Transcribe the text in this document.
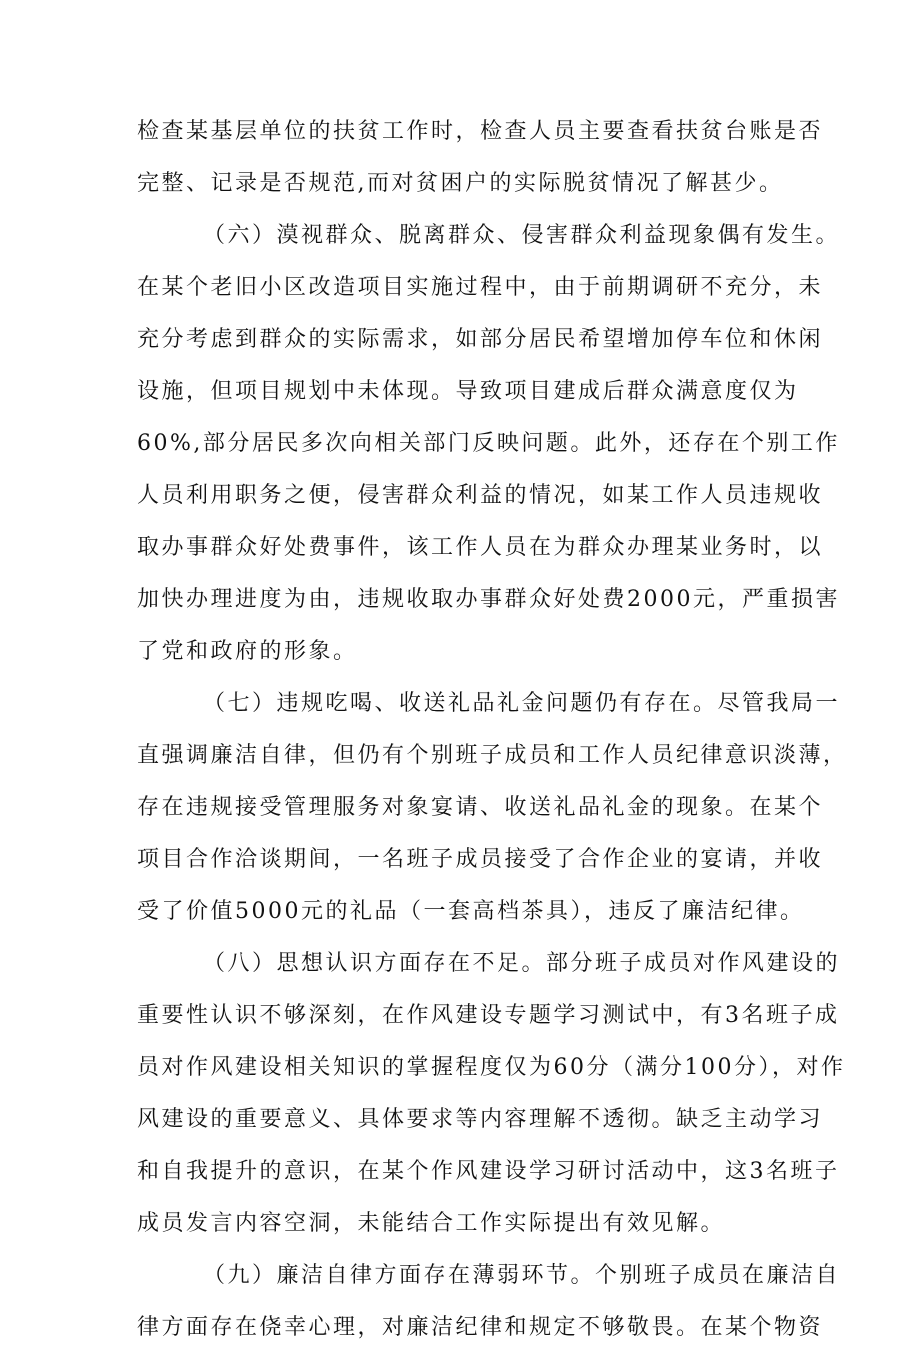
检查某基层单位的扶贫工作时，检查人员主要查看扶贫台账是否
完整、记录是否规范,而对贫困户的实际脱贫情况了解甚少。
（六）漠视群众、脱离群众、侵害群众利益现象偶有发生。
在某个老旧小区改造项目实施过程中，由于前期调研不充分，未
充分考虑到群众的实际需求，如部分居民希望增加停车位和休闲
设施，但项目规划中未体现。导致项目建成后群众满意度仅为
60%,部分居民多次向相关部门反映问题。此外，还存在个别工作
人员利用职务之便，侵害群众利益的情况，如某工作人员违规收
取办事群众好处费事件，该工作人员在为群众办理某业务时，以
加快办理进度为由，违规收取办事群众好处费2000元，严重损害
了党和政府的形象。
（七）违规吃喝、收送礼品礼金问题仍有存在。尽管我局一
直强调廉洁自律，但仍有个别班子成员和工作人员纪律意识淡薄，
存在违规接受管理服务对象宴请、收送礼品礼金的现象。在某个
项目合作洽谈期间，一名班子成员接受了合作企业的宴请，并收
受了价值5000元的礼品（一套高档茶具），违反了廉洁纪律。
（八）思想认识方面存在不足。部分班子成员对作风建设的
重要性认识不够深刻，在作风建设专题学习测试中，有3名班子成
员对作风建设相关知识的掌握程度仅为60分（满分100分），对作
风建设的重要意义、具体要求等内容理解不透彻。缺乏主动学习
和自我提升的意识，在某个作风建设学习研讨活动中，这3名班子
成员发言内容空洞，未能结合工作实际提出有效见解。
（九）廉洁自律方面存在薄弱环节。个别班子成员在廉洁自
律方面存在侥幸心理，对廉洁纪律和规定不够敬畏。在某个物资
